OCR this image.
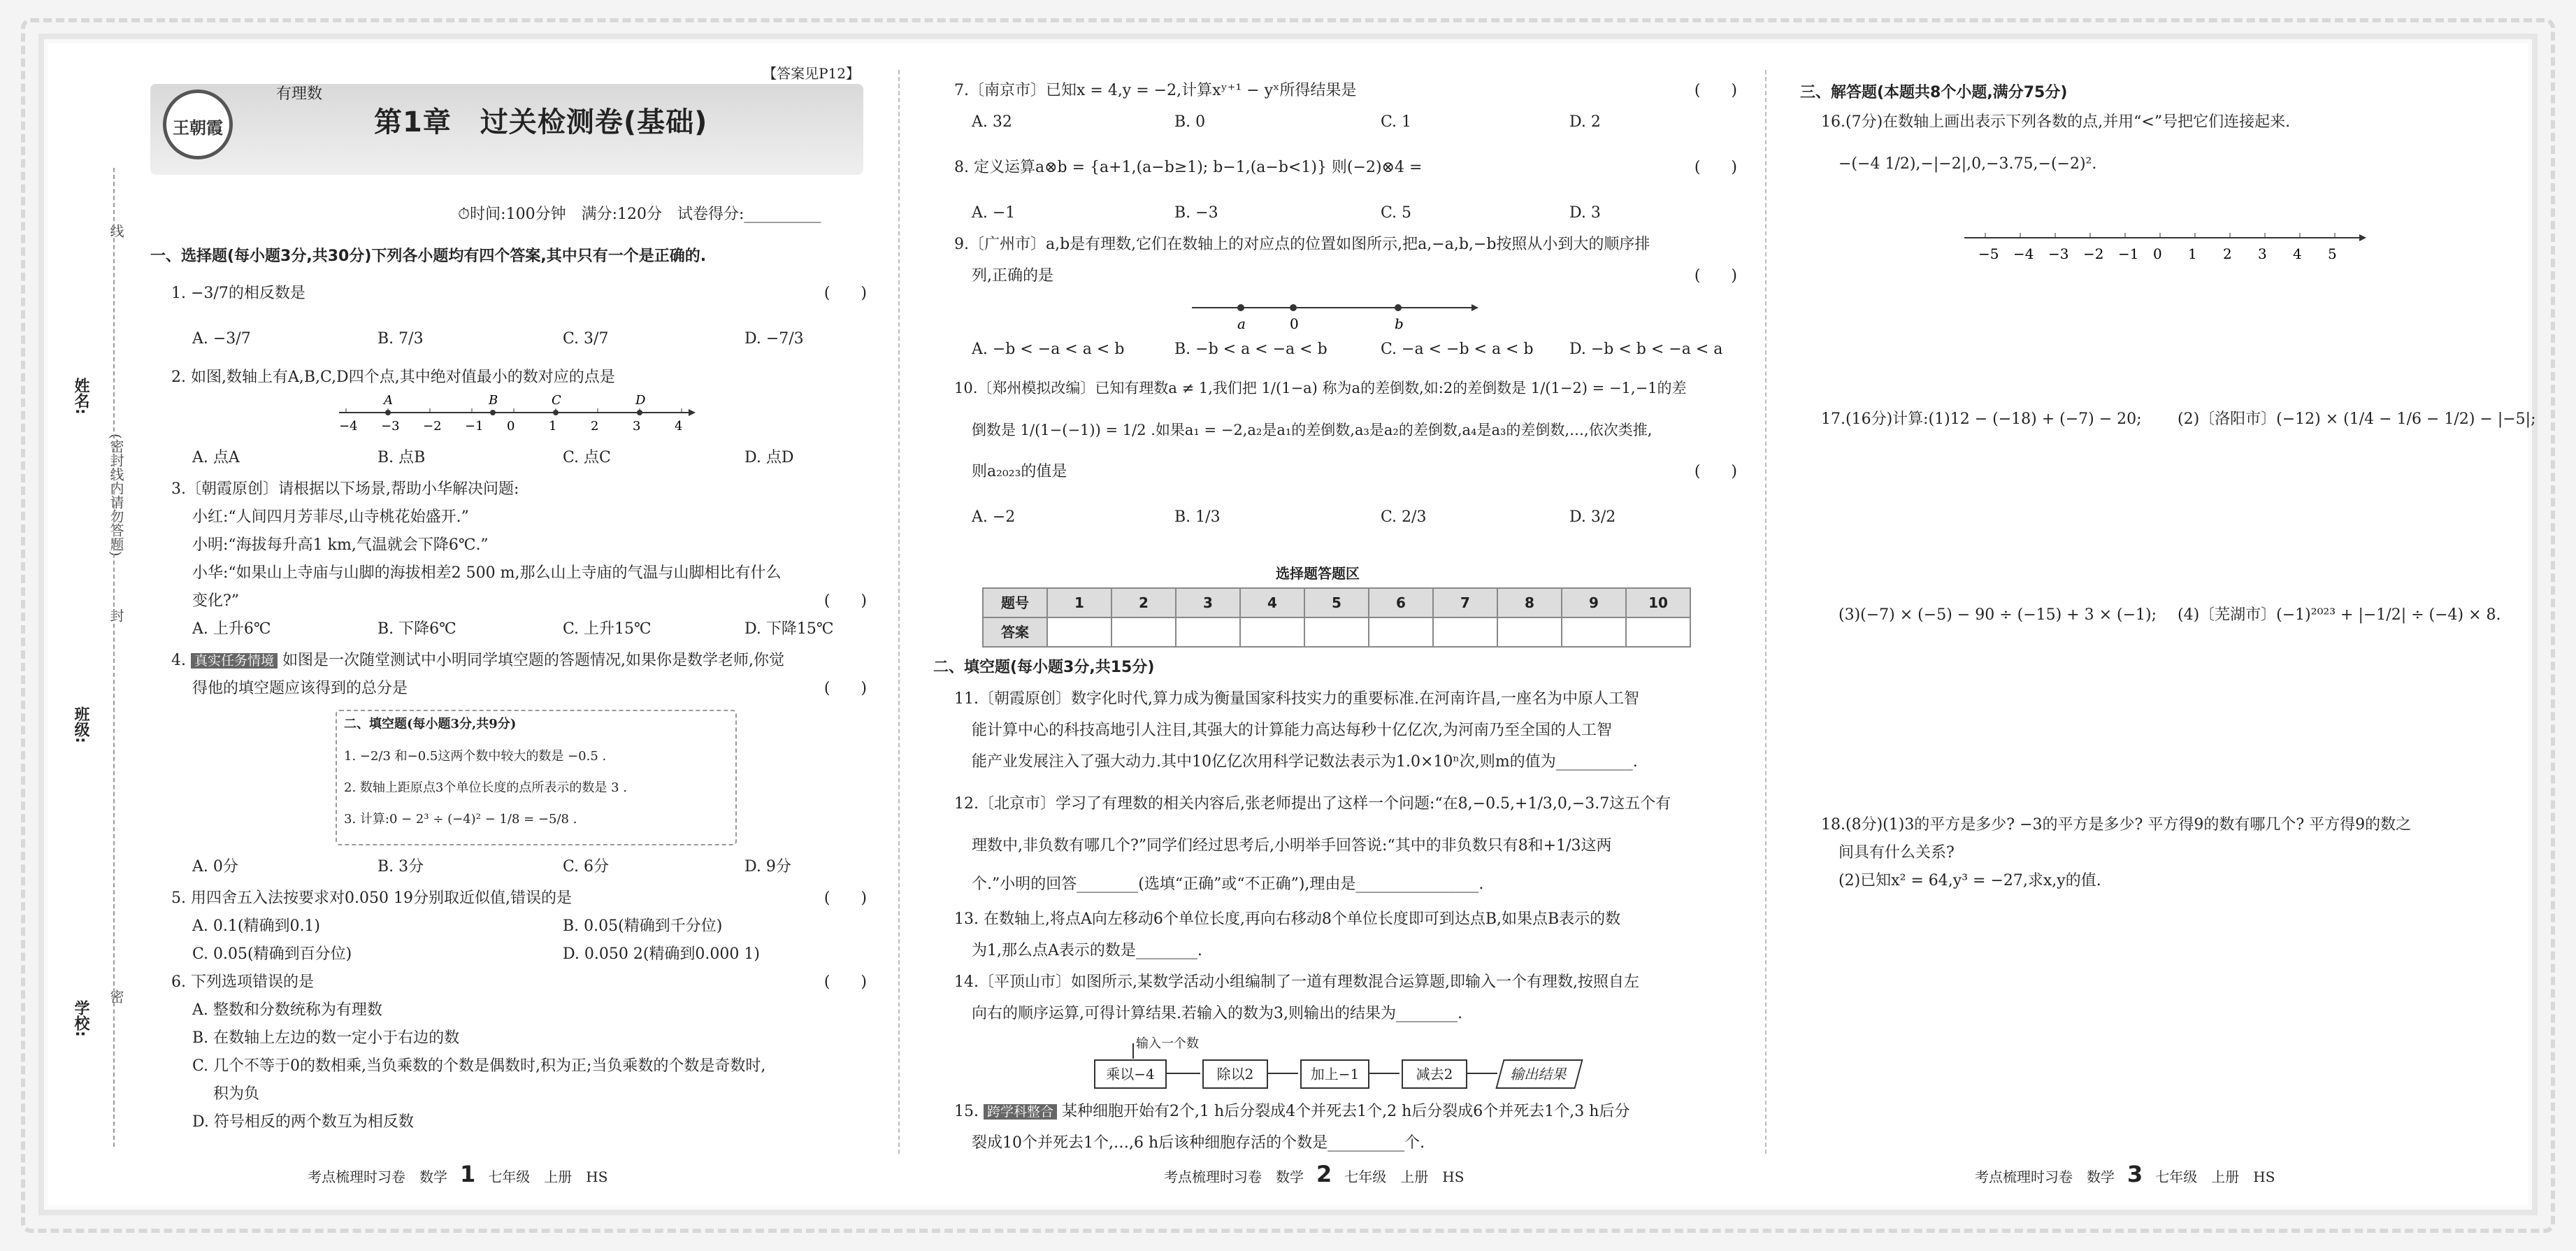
姓名:
班级:
学校:
线
(密封线内请勿答题)
封
密
【答案见P12】
王朝霞
有理数
第1章　过关检测卷(基础)
⏱时间:100分钟　满分:120分　试卷得分:__________
一、选择题(每小题3分,共30分)下列各小题均有四个答案,其中只有一个是正确的.
1. −3/7的相反数是	(　　)
A. −3/7	B. 7/3	C. 3/7	D. −7/3
2. 如图,数轴上有A,B,C,D四个点,其中绝对值最小的数对应的点是
−4 −3 −2 −1 0	1	2	3	4
A	B	C	D
A. 点A	B. 点B	C. 点C	D. 点D
3.〔朝霞原创〕请根据以下场景,帮助小华解决问题:
小红:“人间四月芳菲尽,山寺桃花始盛开.”
小明:“海拔每升高1 km,气温就会下降6℃.”
小华:“如果山上寺庙与山脚的海拔相差2 500 m,那么山上寺庙的气温与山脚相比有什么
变化?”	(　　)
A. 上升6℃	B. 下降6℃	C. 上升15℃	D. 下降15℃
4. 真实任务情境 如图是一次随堂测试中小明同学填空题的答题情况,如果你是数学老师,你觉
得他的填空题应该得到的总分是	(　　)
二、填空题(每小题3分,共9分)
1. −2/3 和−0.5这两个数中较大的数是 −0.5 .
2. 数轴上距原点3个单位长度的点所表示的数是 3 .
3. 计算:0 − 2³ ÷ (−4)² − 1/8 = −5/8 .
A. 0分	B. 3分	C. 6分	D. 9分
5. 用四舍五入法按要求对0.050 19分别取近似值,错误的是	(　　)
A. 0.1(精确到0.1)	B. 0.05(精确到千分位)
C. 0.05(精确到百分位)	D. 0.050 2(精确到0.000 1)
6. 下列选项错误的是	(　　)
A. 整数和分数统称为有理数
B. 在数轴上左边的数一定小于右边的数
C. 几个不等于0的数相乘,当负乘数的个数是偶数时,积为正;当负乘数的个数是奇数时,
积为负
D. 符号相反的两个数互为相反数
7.〔南京市〕已知x = 4,y = −2,计算xʸ⁺¹ − yˣ所得结果是	(　　)
A. 32	B. 0	C. 1	D. 2
8. 定义运算a⊗b = {a+1,(a−b≥1); b−1,(a−b<1)} 则(−2)⊗4 =	(　　)
A. −1	B. −3	C. 5	D. 3
9.〔广州市〕a,b是有理数,它们在数轴上的对应点的位置如图所示,把a,−a,b,−b按照从小到大的顺序排
列,正确的是	(　　)
a	0	b
A. −b < −a < a < b	B. −b < a < −a < b	C. −a < −b < a < b D. −b < b < −a < a
10.〔郑州模拟改编〕已知有理数a ≠ 1,我们把 1/(1−a) 称为a的差倒数,如:2的差倒数是 1/(1−2) = −1,−1的差
倒数是 1/(1−(−1)) = 1/2 .如果a₁ = −2,a₂是a₁的差倒数,a₃是a₂的差倒数,a₄是a₃的差倒数,…,依次类推,
则a₂₀₂₃的值是	(　　)
A. −2	B. 1/3	C. 2/3	D. 3/2
选择题答题区
题号	1	2	3	4	5	6	7	8	9	10
答案										
二、填空题(每小题3分,共15分)
11.〔朝霞原创〕数字化时代,算力成为衡量国家科技实力的重要标准.在河南许昌,一座名为中原人工智
能计算中心的科技高地引人注目,其强大的计算能力高达每秒十亿亿次,为河南乃至全国的人工智
能产业发展注入了强大动力.其中10亿亿次用科学记数法表示为1.0×10ⁿ次,则m的值为__________.
12.〔北京市〕学习了有理数的相关内容后,张老师提出了这样一个问题:“在8,−0.5,+1/3,0,−3.7这五个有
理数中,非负数有哪几个?”同学们经过思考后,小明举手回答说:“其中的非负数只有8和+1/3这两
个.”小明的回答________(选填“正确”或“不正确”),理由是________________.
13. 在数轴上,将点A向左移动6个单位长度,再向右移动8个单位长度即可到达点B,如果点B表示的数
为1,那么点A表示的数是________.
14.〔平顶山市〕如图所示,某数学活动小组编制了一道有理数混合运算题,即输入一个有理数,按照自左
向右的顺序运算,可得计算结果.若输入的数为3,则输出的结果为________.
输入一个数
乘以−4	除以2	加上−1	减去2	输出结果
15. 跨学科整合 某种细胞开始有2个,1 h后分裂成4个并死去1个,2 h后分裂成6个并死去1个,3 h后分
裂成10个并死去1个,…,6 h后该种细胞存活的个数是__________个.
三、解答题(本题共8个小题,满分75分)
16.(7分)在数轴上画出表示下列各数的点,并用“<”号把它们连接起来.
−(−4 1/2),−|−2|,0,−3.75,−(−2)².
−5 −4 −3 −2 −1 0 1 2 3 4 5
17.(16分)计算:(1)12 − (−18) + (−7) − 20; (2)〔洛阳市〕(−12) × (1/4 − 1/6 − 1/2) − |−5|;
(3)(−7) × (−5) − 90 ÷ (−15) + 3 × (−1); (4)〔芜湖市〕(−1)²⁰²³ + |−1/2| ÷ (−4) × 8.
18.(8分)(1)3的平方是多少? −3的平方是多少? 平方得9的数有哪几个? 平方得9的数之
间具有什么关系?
(2)已知x² = 64,y³ = −27,求x,y的值.
考点梳理时习卷　数学 1 七年级　上册　HS	考点梳理时习卷　数学 2 七年级　上册　HS	考点梳理时习卷　数学 3 七年级　上册　HS
